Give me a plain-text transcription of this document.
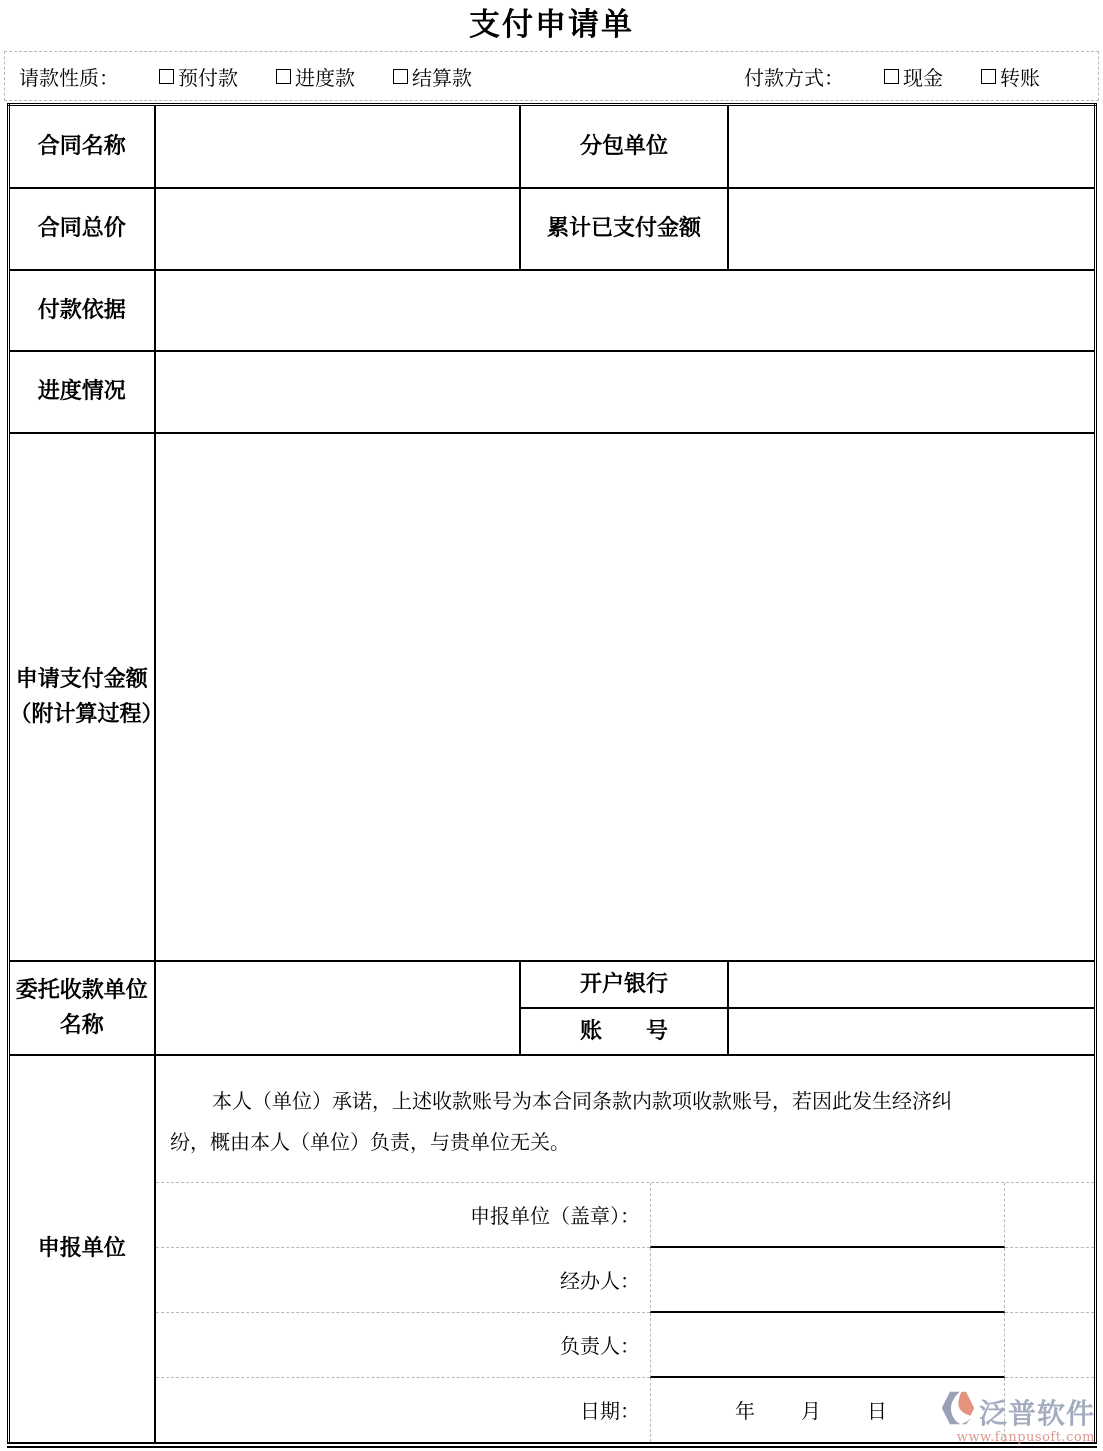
支付申请单
请款性质：	预付款	进度款	结算款	付款方式：	现金	转账
合同名称		分包单位	
合同总价		累计已支付金额	
付款依据			
进度情况			
申请支付金额（附计算过程）			
委托收款单位名称		开户银行	
		账　　号	
申报单位	
本人（单位）承诺，上述收款账号为本合同条款内款项收款账号，若因此发生经济纠纷，概由本人（单位）负责，与贵单位无关。
申报单位（盖章）：
经办人：
负责人：
日期：	年 月 日	泛普软件
www.fanpusoft.com
